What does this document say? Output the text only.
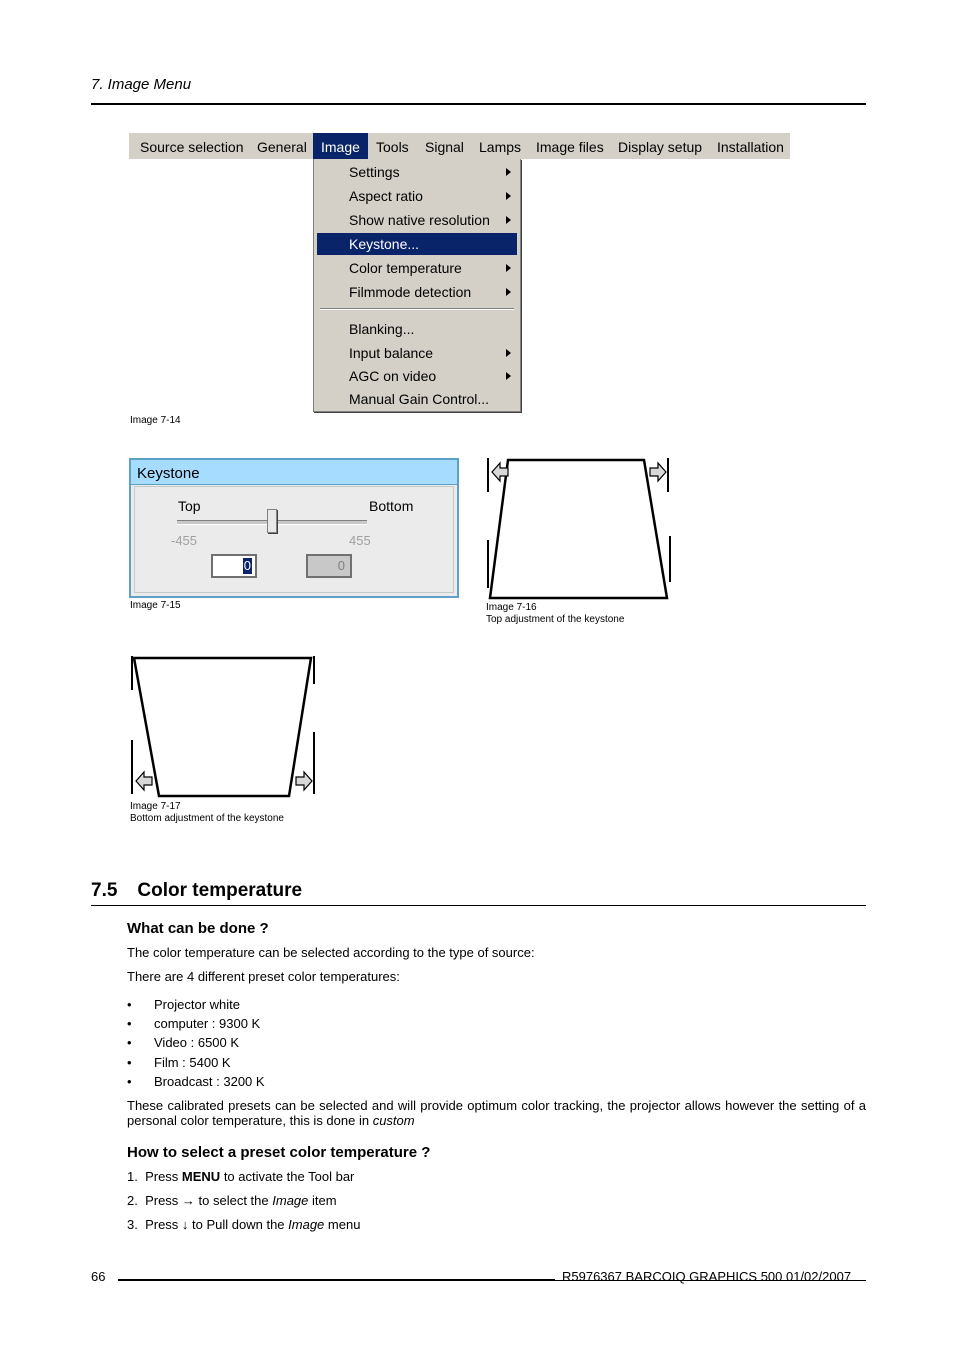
7. Image Menu
Source selection General	Image	Tools Signal Lamps Image files Display setup Installation
Settings
Aspect ratio
Show native resolution
Keystone...
Color temperature
Filmmode detection
Blanking...
Input balance
AGC on video
Manual Gain Control...
Image 7-14
Keystone
Top	Bottom
-455	455
0	0
Image 7-15	Image 7-16
Top adjustment of the keystone
Image 7-17
Bottom adjustment of the keystone
7.5 Color temperature
What can be done ?
The color temperature can be selected according to the type of source:
There are 4 different preset color temperatures:
• Projector white
• computer : 9300 K
• Video : 6500 K
• Film : 5400 K
• Broadcast : 3200 K
These calibrated presets can be selected and will provide optimum color tracking, the projector allows however the setting of a
personal color temperature, this is done in custom
How to select a preset color temperature ?
1.  Press MENU to activate the Tool bar
2.  Press → to select the Image item
3.  Press ↓ to Pull down the Image menu
66	R5976367 BARCOIQ GRAPHICS 500 01/02/2007
